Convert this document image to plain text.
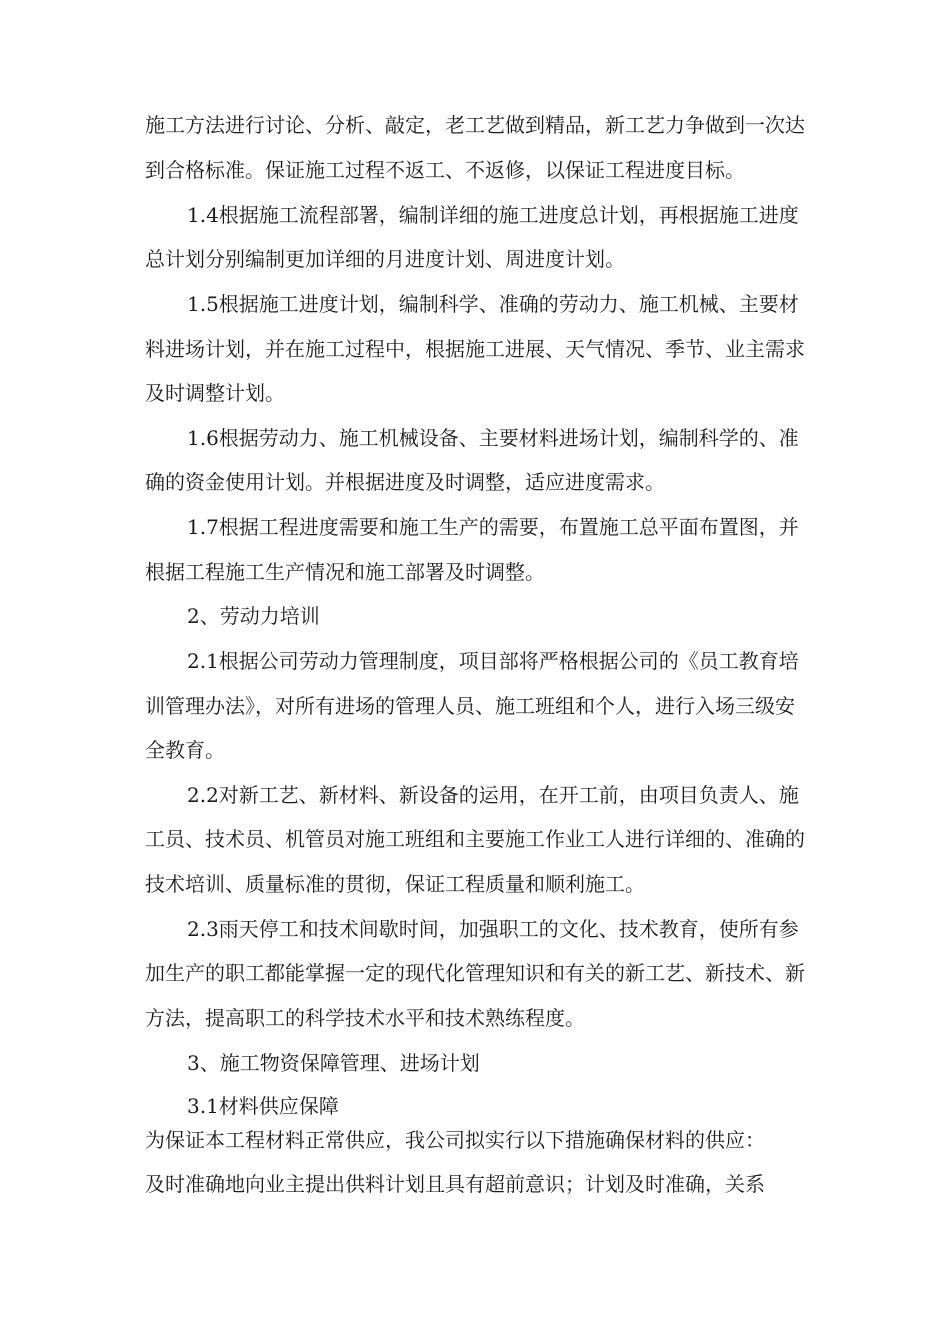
施工方法进行讨论、分析、敲定，老工艺做到精品，新工艺力争做到一次达
到合格标准。保证施工过程不返工、不返修，以保证工程进度目标。
1.4根据施工流程部署，编制详细的施工进度总计划，再根据施工进度
总计划分别编制更加详细的月进度计划、周进度计划。
1.5根据施工进度计划，编制科学、准确的劳动力、施工机械、主要材
料进场计划，并在施工过程中，根据施工进展、天气情况、季节、业主需求
及时调整计划。
1.6根据劳动力、施工机械设备、主要材料进场计划，编制科学的、准
确的资金使用计划。并根据进度及时调整，适应进度需求。
1.7根据工程进度需要和施工生产的需要，布置施工总平面布置图，并
根据工程施工生产情况和施工部署及时调整。
2、劳动力培训
2.1根据公司劳动力管理制度，项目部将严格根据公司的《员工教育培
训管理办法》，对所有进场的管理人员、施工班组和个人，进行入场三级安
全教育。
2.2对新工艺、新材料、新设备的运用，在开工前，由项目负责人、施
工员、技术员、机管员对施工班组和主要施工作业工人进行详细的、准确的
技术培训、质量标准的贯彻，保证工程质量和顺利施工。
2.3雨天停工和技术间歇时间，加强职工的文化、技术教育，使所有参
加生产的职工都能掌握一定的现代化管理知识和有关的新工艺、新技术、新
方法，提高职工的科学技术水平和技术熟练程度。
3、施工物资保障管理、进场计划
3.1材料供应保障
为保证本工程材料正常供应，我公司拟实行以下措施确保材料的供应：
及时准确地向业主提出供料计划且具有超前意识；计划及时准确，关系
